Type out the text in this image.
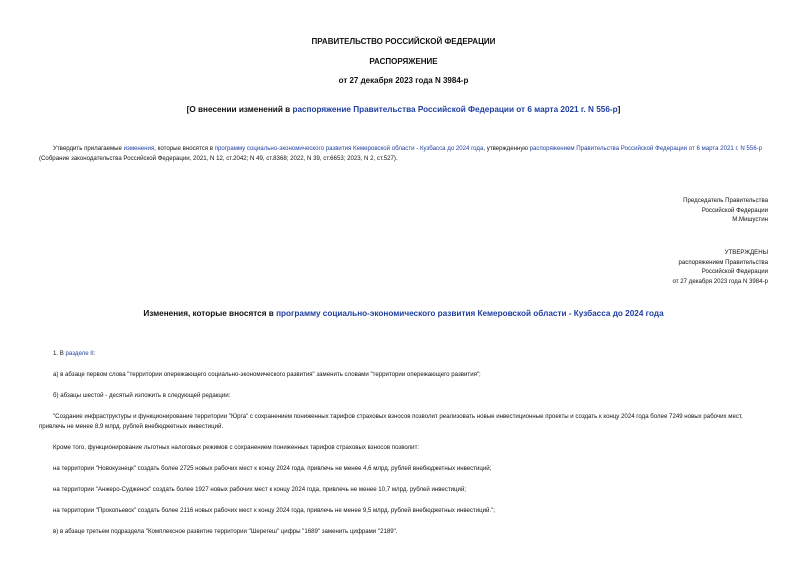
ПРАВИТЕЛЬСТВО РОССИЙСКОЙ ФЕДЕРАЦИИ
РАСПОРЯЖЕНИЕ
от 27 декабря 2023 года N 3984-р
[О внесении изменений в распоряжение Правительства Российской Федерации от 6 марта 2021 г. N 556-р]
Утвердить прилагаемые изменения, которые вносятся в программу социально-экономического развития Кемеровской области - Кузбасса до 2024 года, утвержденную распоряжением Правительства Российской Федерации от 6 марта 2021 г. N 556-р (Собрание законодательства Российской Федерации, 2021, N 12, ст.2042; N 49, ст.8368; 2022, N 39, ст.6653; 2023, N 2, ст.527).
Председатель Правительства
Российской Федерации
М.Мишустин
УТВЕРЖДЕНЫ
распоряжением Правительства
Российской Федерации
от 27 декабря 2023 года N 3984-р
Изменения, которые вносятся в программу социально-экономического развития Кемеровской области - Кузбасса до 2024 года
1. В разделе II:
а) в абзаце первом слова "территории опережающего социально-экономического развития" заменить словами "территории опережающего развития";
б) абзацы шестой - десятый изложить в следующей редакции:
"Создание инфраструктуры и функционирование территории "Юрга" с сохранением пониженных тарифов страховых взносов позволит реализовать новые инвестиционные проекты и создать к концу 2024 года более 7249 новых рабочих мест, привлечь не менее 8,9 млрд. рублей внебюджетных инвестиций.
Кроме того, функционирование льготных налоговых режимов с сохранением пониженных тарифов страховых взносов позволит:
на территории "Новокузнецк" создать более 2725 новых рабочих мест к концу 2024 года, привлечь не менее 4,6 млрд. рублей внебюджетных инвестиций;
на территории "Анжеро-Судженск" создать более 1927 новых рабочих мест к концу 2024 года, привлечь не менее 10,7 млрд. рублей инвестиций;
на территории "Прокопьевск" создать более 2116 новых рабочих мест к концу 2024 года, привлечь не менее 9,5 млрд. рублей внебюджетных инвестиций.";
в) в абзаце третьем подраздела "Комплексное развитие территории "Шерегеш" цифры "1689" заменить цифрами "2189".
